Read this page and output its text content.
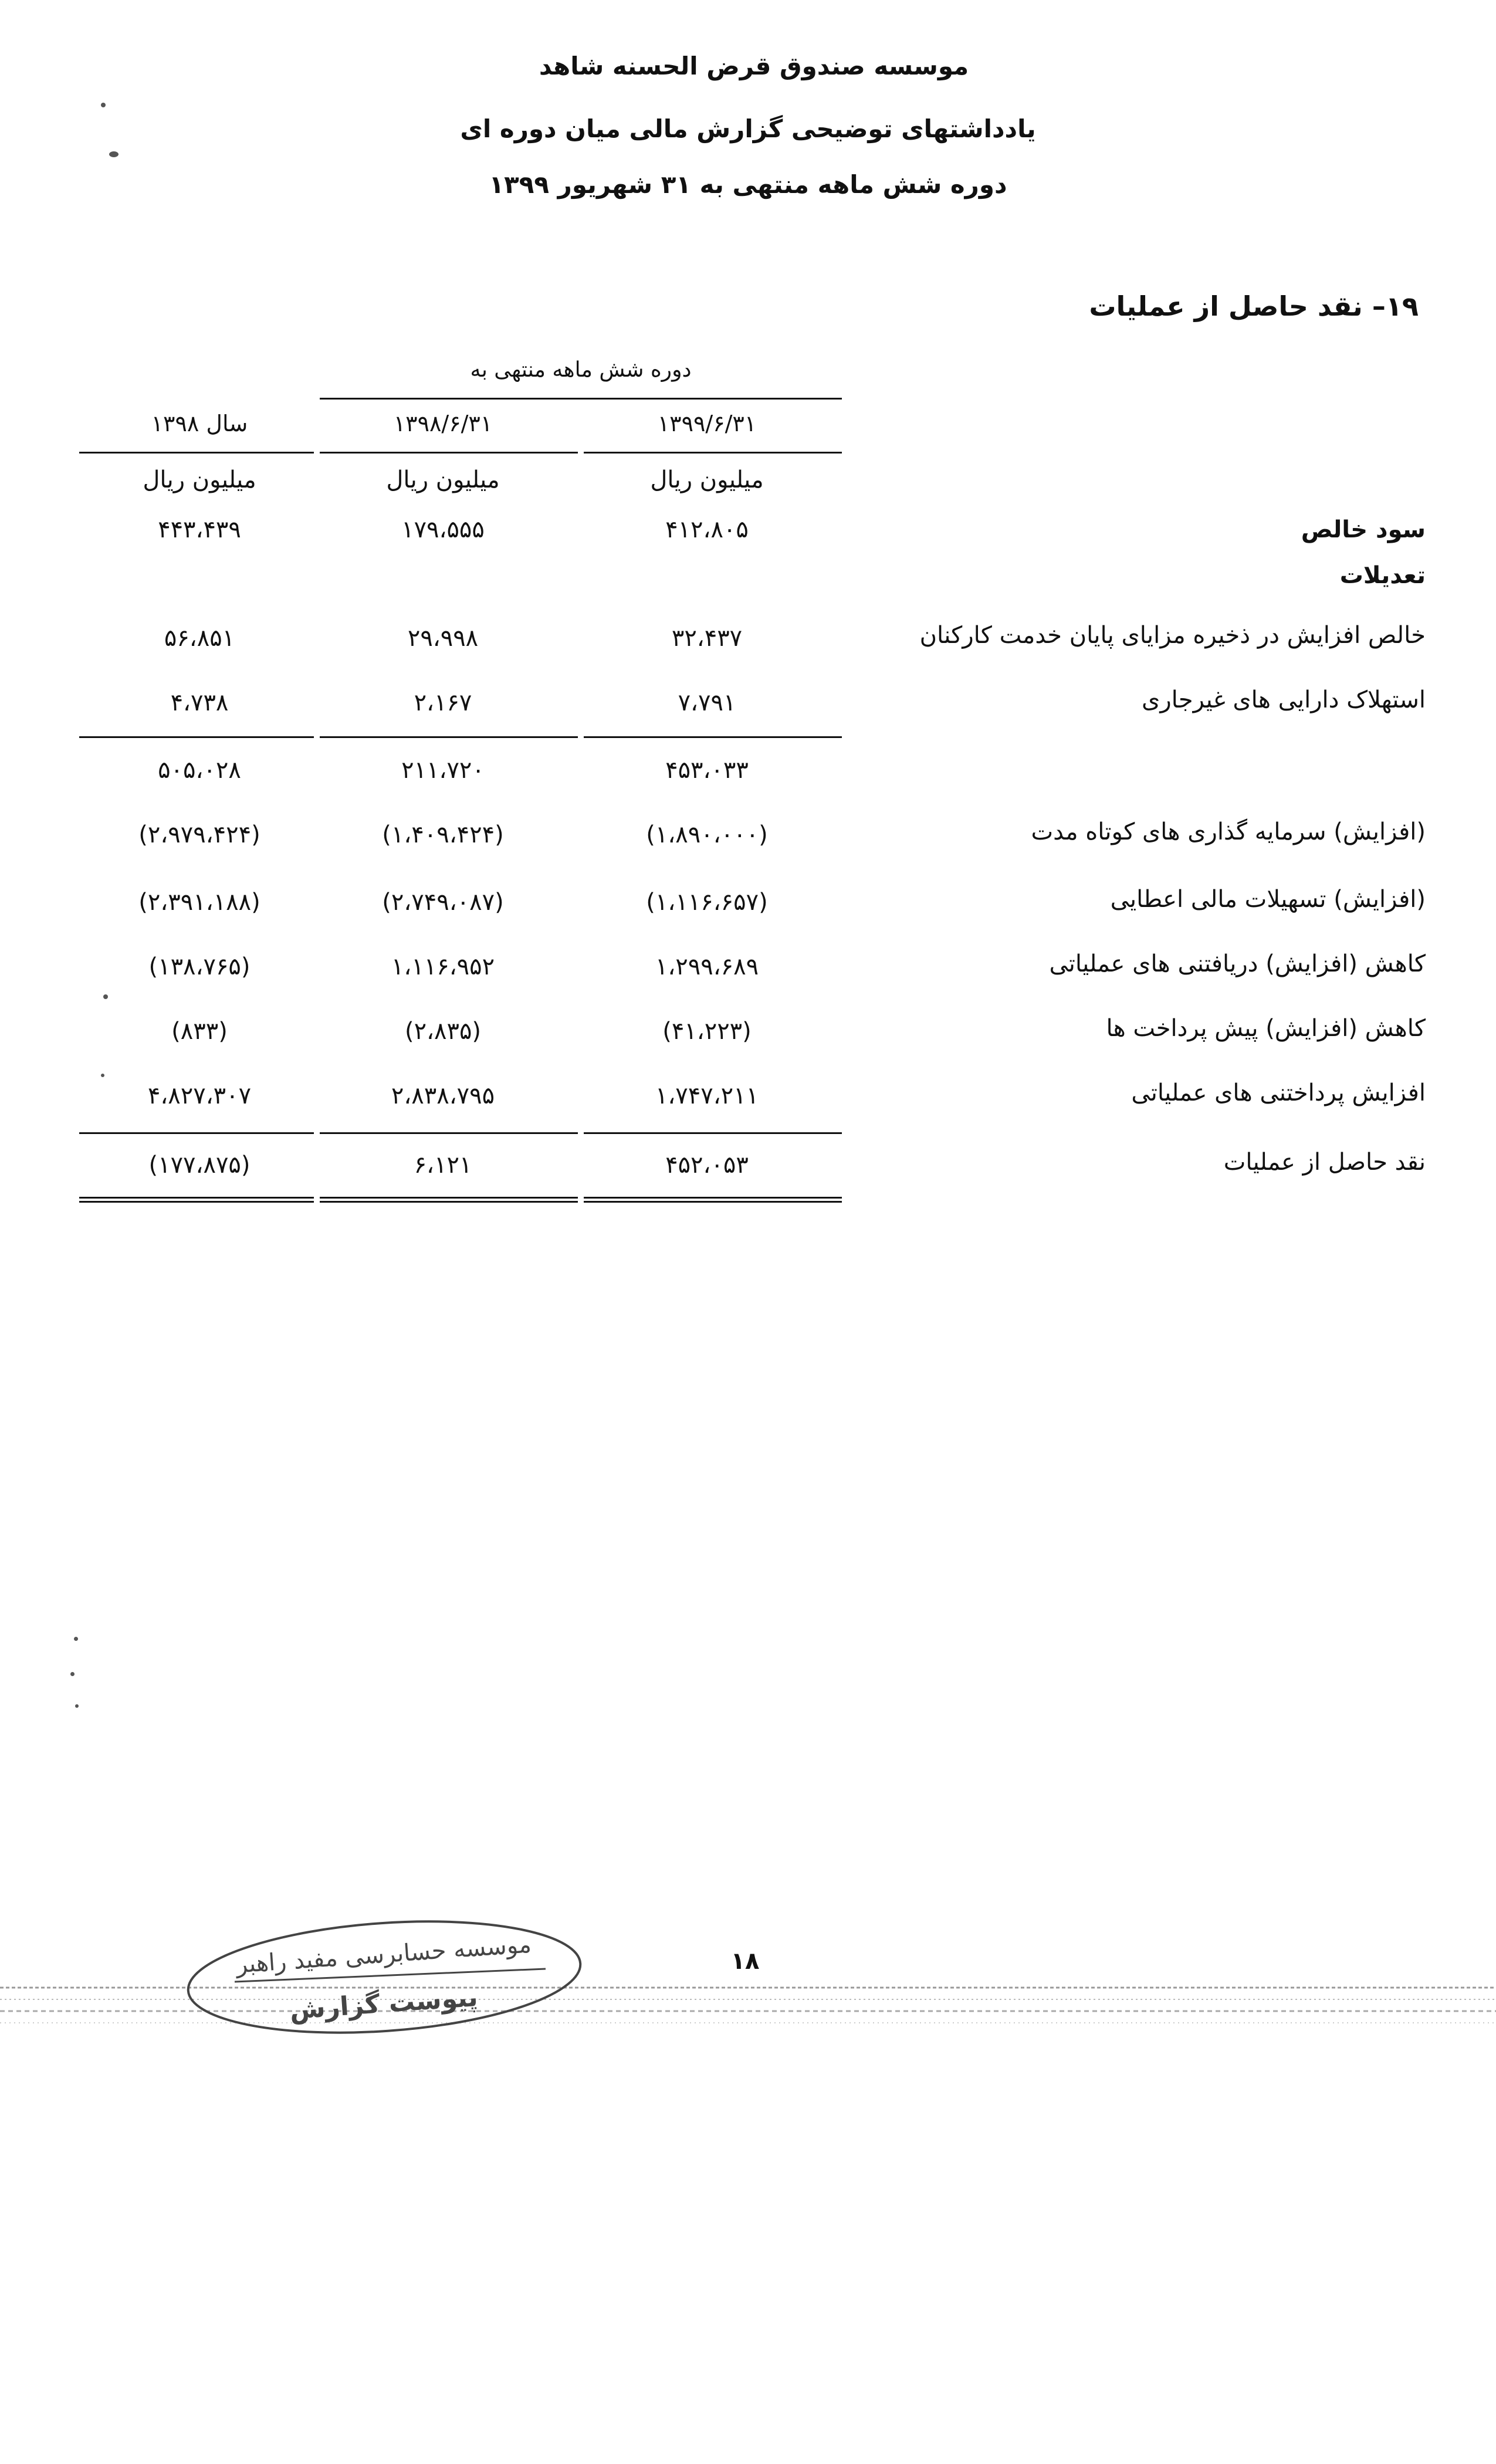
موسسه صندوق قرض الحسنه شاهد
یادداشتهای توضیحی گزارش مالی میان دوره ای
دوره شش ماهه منتهی به ۳۱ شهریور ۱۳۹۹
۱۹– نقد حاصل از عملیات
دوره شش ماهه منتهی به
۱۳۹۹/۶/۳۱
۱۳۹۸/۶/۳۱
سال ۱۳۹۸
میلیون ریال
میلیون ریال
میلیون ریال
سود خالص
۴۱۲،۸۰۵
۱۷۹،۵۵۵
۴۴۳،۴۳۹
تعدیلات
خالص افزایش در ذخیره مزایای پایان خدمت کارکنان
۳۲،۴۳۷
۲۹،۹۹۸
۵۶،۸۵۱
استهلاک دارایی های غیرجاری
۷،۷۹۱
۲،۱۶۷
۴،۷۳۸
۴۵۳،۰۳۳
۲۱۱،۷۲۰
۵۰۵،۰۲۸
(افزایش) سرمایه گذاری های کوتاه مدت
(۱،۸۹۰،۰۰۰)
(۱،۴۰۹،۴۲۴)
(۲،۹۷۹،۴۲۴)
(افزایش) تسهیلات مالی اعطایی
(۱،۱۱۶،۶۵۷)
(۲،۷۴۹،۰۸۷)
(۲،۳۹۱،۱۸۸)
کاهش (افزایش) دریافتنی های عملیاتی
۱،۲۹۹،۶۸۹
۱،۱۱۶،۹۵۲
(۱۳۸،۷۶۵)
کاهش (افزایش) پیش پرداخت ها
(۴۱،۲۲۳)
(۲،۸۳۵)
(۸۳۳)
افزایش پرداختنی های عملیاتی
۱،۷۴۷،۲۱۱
۲،۸۳۸،۷۹۵
۴،۸۲۷،۳۰۷
نقد حاصل از عملیات
۴۵۲،۰۵۳
۶،۱۲۱
(۱۷۷،۸۷۵)
۱۸
موسسه حسابرسی مفید راهبر
پیوست گزارش
